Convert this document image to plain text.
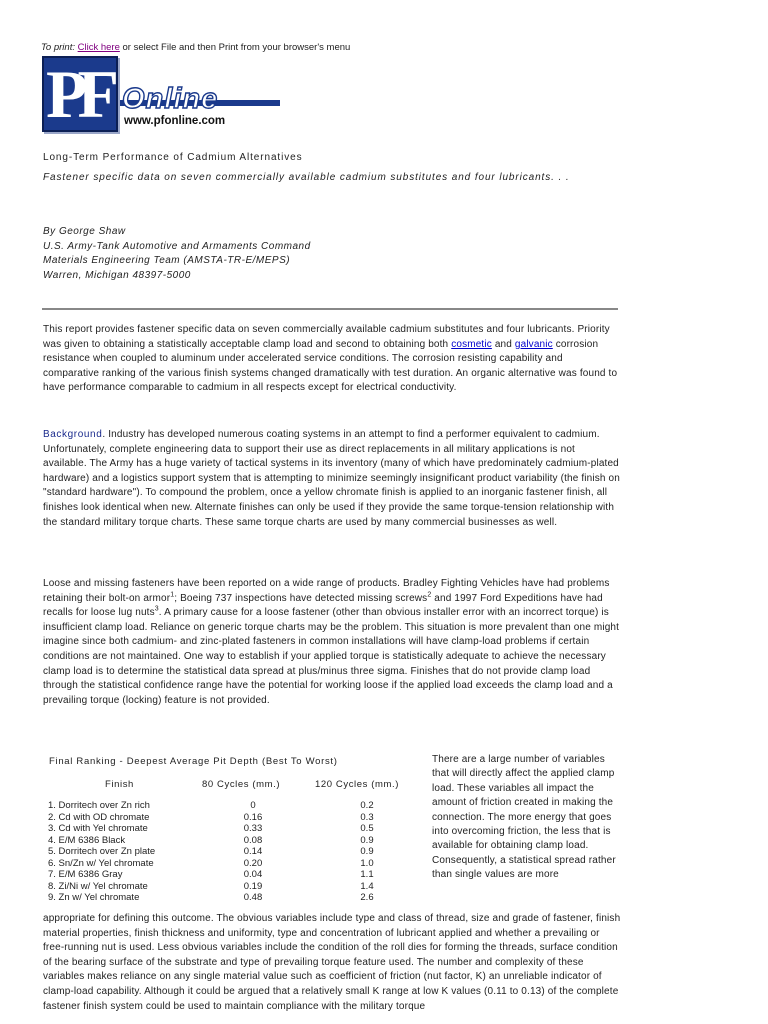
To print: Click here or select File and then Print from your browser's menu
PF Online
www.pfonline.com
Long-Term Performance of Cadmium Alternatives
Fastener specific data on seven commercially available cadmium substitutes and four lubricants. . .
By George Shaw
U.S. Army-Tank Automotive and Armaments Command
Materials Engineering Team (AMSTA-TR-E/MEPS)
Warren, Michigan 48397-5000
This report provides fastener specific data on seven commercially available cadmium substitutes and four lubricants. Priority was given to obtaining a statistically acceptable clamp load and second to obtaining both cosmetic and galvanic corrosion resistance when coupled to aluminum under accelerated service conditions. The corrosion resisting capability and comparative ranking of the various finish systems changed dramatically with test duration. An organic alternative was found to have performance comparable to cadmium in all respects except for electrical conductivity.
Background. Industry has developed numerous coating systems in an attempt to find a performer equivalent to cadmium. Unfortunately, complete engineering data to support their use as direct replacements in all military applications is not available. The Army has a huge variety of tactical systems in its inventory (many of which have predominately cadmium-plated hardware) and a logistics support system that is attempting to minimize seemingly insignificant product variability (the finish on "standard hardware"). To compound the problem, once a yellow chromate finish is applied to an inorganic fastener finish, all finishes look identical when new. Alternate finishes can only be used if they provide the same torque-tension relationship with the standard military torque charts. These same torque charts are used by many commercial businesses as well.
Loose and missing fasteners have been reported on a wide range of products. Bradley Fighting Vehicles have had problems retaining their bolt-on armor$^1$; Boeing 737 inspections have detected missing screws$^2$ and 1997 Ford Expeditions have had recalls for loose lug nuts$^3$. A primary cause for a loose fastener (other than obvious installer error with an incorrect torque) is insufficient clamp load. Reliance on generic torque charts may be the problem. This situation is more prevalent than one might imagine since both cadmium- and zinc-plated fasteners in common installations will have clamp-load problems if certain conditions are not maintained. One way to establish if your applied torque is statistically adequate to achieve the necessary clamp load is to determine the statistical data spread at plus/minus three sigma. Finishes that do not provide clamp load through the statistical confidence range have the potential for working loose if the applied load exceeds the clamp load and a prevailing torque (locking) feature is not provided.
Final Ranking - Deepest Average Pit Depth (Best To Worst)
Finish	80 Cycles (mm.)	120 Cycles (mm.)
1. Dorritech over Zn rich	0	0.2
2. Cd with OD chromate	0.16	0.3
3. Cd with Yel chromate	0.33	0.5
4. E/M 6386 Black	0.08	0.9
5. Dorritech over Zn plate	0.14	0.9
6. Sn/Zn w/ Yel chromate	0.20	1.0
7. E/M 6386 Gray	0.04	1.1
8. Zi/Ni w/ Yel chromate	0.19	1.4
9. Zn w/ Yel chromate	0.48	2.6
There are a large number of variables that will directly affect the applied clamp load. These variables all impact the amount of friction created in making the connection. The more energy that goes into overcoming friction, the less that is available for obtaining clamp load. Consequently, a statistical spread rather than single values are more
appropriate for defining this outcome. The obvious variables include type and class of thread, size and grade of fastener, finish material properties, finish thickness and uniformity, type and concentration of lubricant applied and whether a prevailing or free-running nut is used. Less obvious variables include the condition of the roll dies for forming the threads, surface condition of the bearing surface of the substrate and type of prevailing torque feature used. The number and complexity of these variables makes reliance on any single material value such as coefficient of friction (nut factor, K) an unreliable indicator of clamp-load capability. Although it could be argued that a relatively small K range at low K values (0.11 to 0.13) of the complete fastener finish system could be used to maintain compliance with the military torque
